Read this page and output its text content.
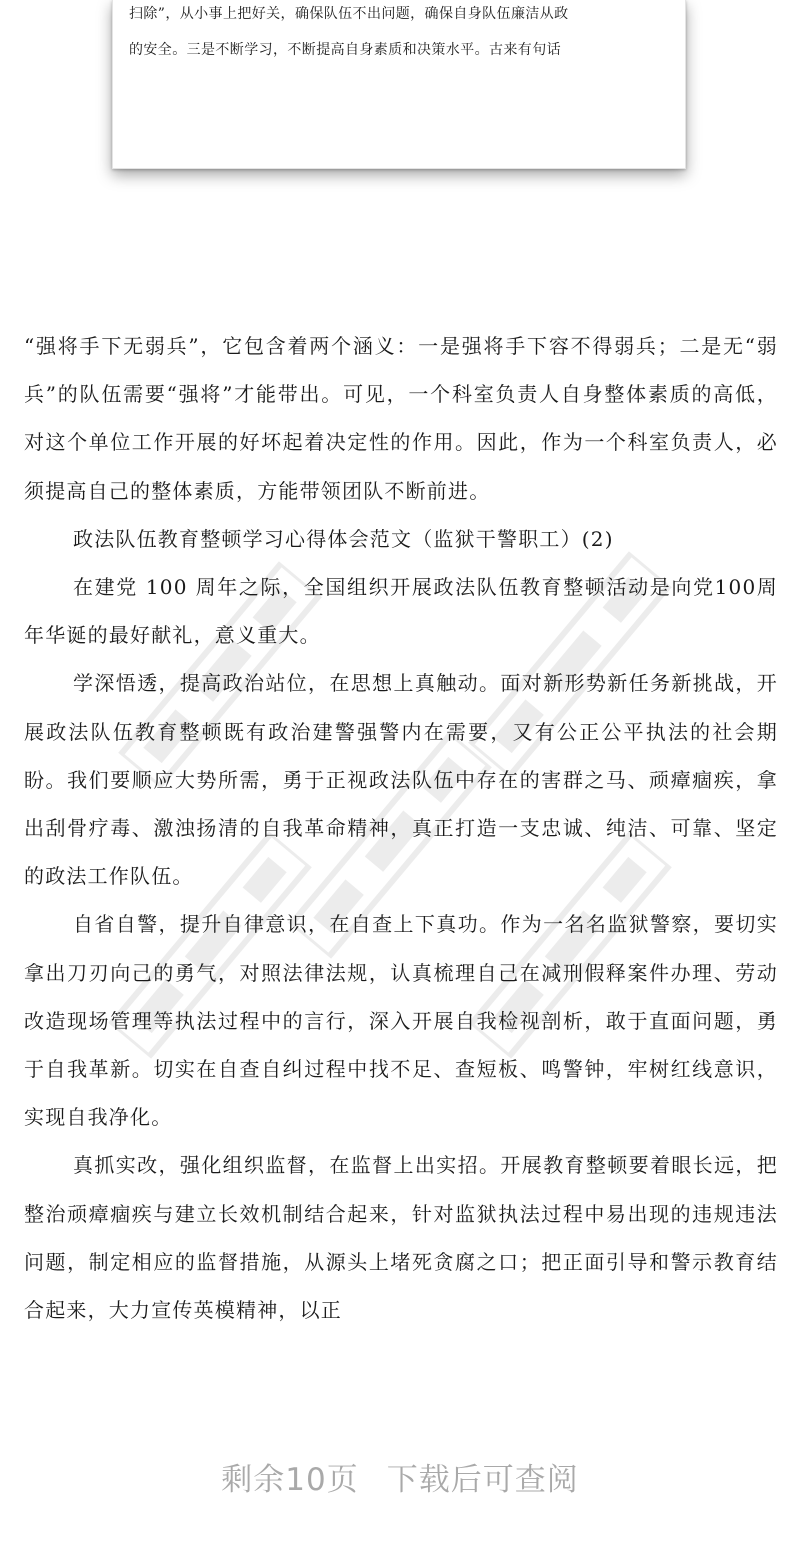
扫除”，从小事上把好关，确保队伍不出问题，确保自身队伍廉洁从政
的安全。三是不断学习，不断提高自身素质和决策水平。古来有句话

“强将手下无弱兵”，它包含着两个涵义：一是强将手下容不得弱兵；二是无“弱兵”的队伍需要“强将”才能带出。可见，一个科室负责人自身整体素质的高低，对这个单位工作开展的好坏起着决定性的作用。因此，作为一个科室负责人，必须提高自己的整体素质，方能带领团队不断前进。

政法队伍教育整顿学习心得体会范文（监狱干警职工）(2)

在建党 100 周年之际，全国组织开展政法队伍教育整顿活动是向党100周年华诞的最好献礼，意义重大。

学深悟透，提高政治站位，在思想上真触动。面对新形势新任务新挑战，开展政法队伍教育整顿既有政治建警强警内在需要，又有公正公平执法的社会期盼。我们要顺应大势所需，勇于正视政法队伍中存在的害群之马、顽瘴痼疾，拿出刮骨疗毒、激浊扬清的自我革命精神，真正打造一支忠诚、纯洁、可靠、坚定的政法工作队伍。

自省自警，提升自律意识，在自查上下真功。作为一名名监狱警察，要切实拿出刀刃向己的勇气，对照法律法规，认真梳理自己在减刑假释案件办理、劳动改造现场管理等执法过程中的言行，深入开展自我检视剖析，敢于直面问题，勇于自我革新。切实在自查自纠过程中找不足、查短板、鸣警钟，牢树红线意识，实现自我净化。

真抓实改，强化组织监督，在监督上出实招。开展教育整顿要着眼长远，把整治顽瘴痼疾与建立长效机制结合起来，针对监狱执法过程中易出现的违规违法问题，制定相应的监督措施，从源头上堵死贪腐之口；把正面引导和警示教育结合起来，大力宣传英模精神，以正

剩余10页 下载后可查阅
